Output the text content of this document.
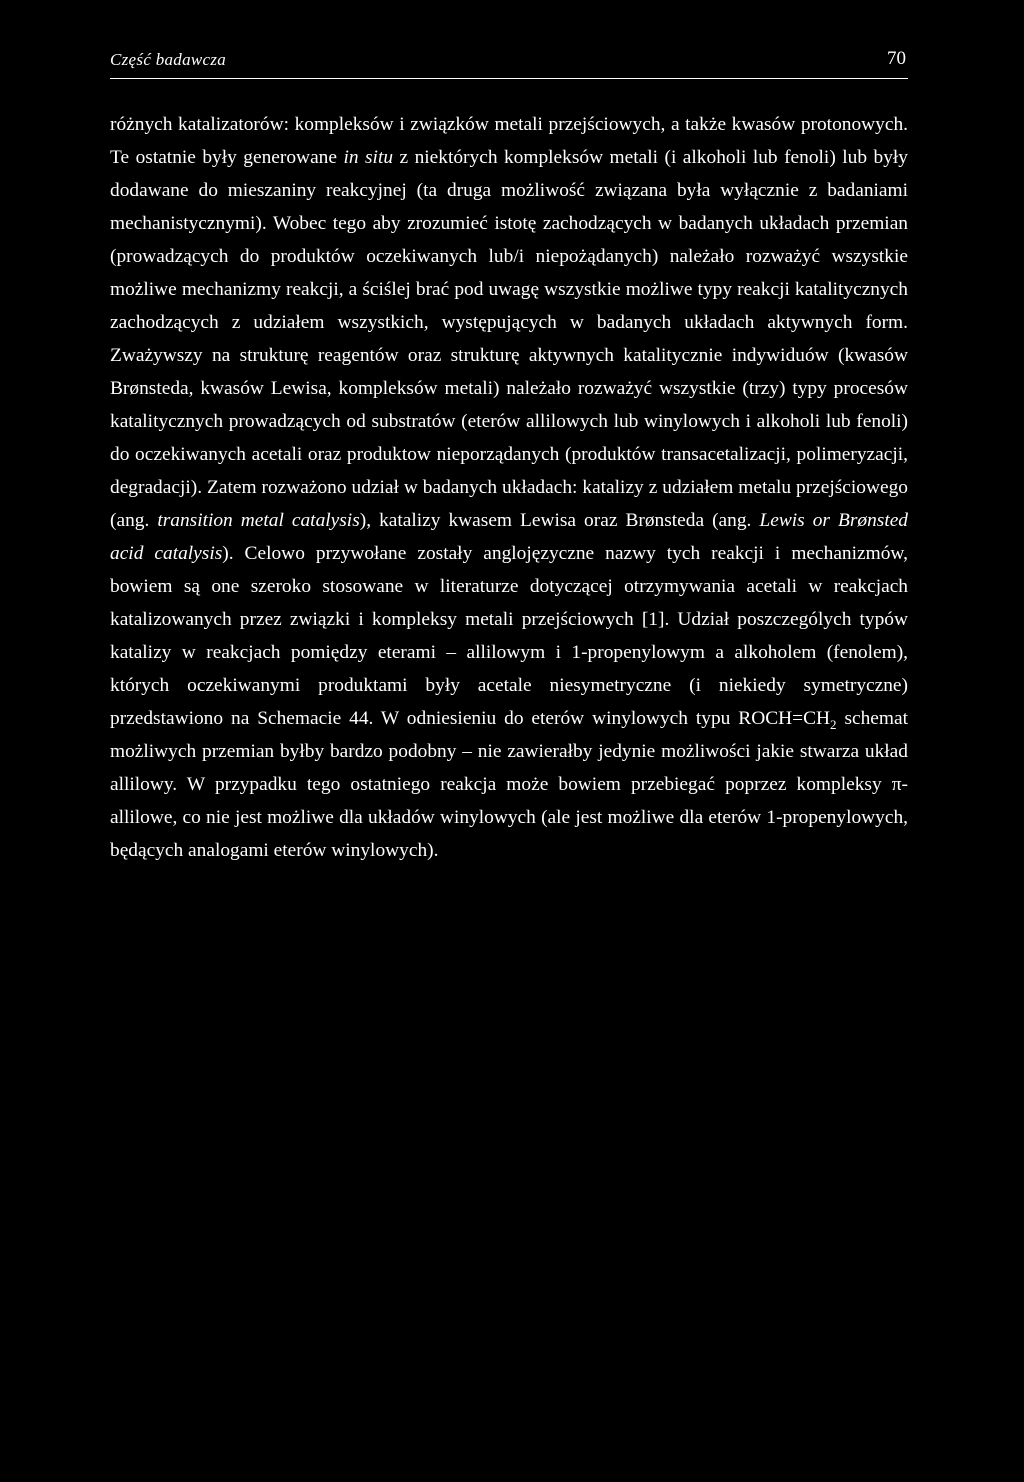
Część badawcza	70

różnych katalizatorów: kompleksów i związków metali przejściowych, a także kwasów protonowych. Te ostatnie były generowane in situ z niektórych kompleksów metali (i alkoholi lub fenoli) lub były dodawane do mieszaniny reakcyjnej (ta druga możliwość związana była wyłącznie z badaniami mechanistycznymi). Wobec tego aby zrozumieć istotę zachodzących w badanych układach przemian (prowadzących do produktów oczekiwanych lub/i niepożądanych) należało rozważyć wszystkie możliwe mechanizmy reakcji, a ściślej brać pod uwagę wszystkie możliwe typy reakcji katalitycznych zachodzących z udziałem wszystkich, występujących w badanych układach aktywnych form. Zważywszy na strukturę reagentów oraz strukturę aktywnych katalitycznie indywiduów (kwasów Brønsteda, kwasów Lewisa, kompleksów metali) należało rozważyć wszystkie (trzy) typy procesów katalitycznych prowadzących od substratów (eterów allilowych lub winylowych i alkoholi lub fenoli) do oczekiwanych acetali oraz produktow nieporządanych (produktów transacetalizacji, polimeryzacji, degradacji). Zatem rozważono udział w badanych układach: katalizy z udziałem metalu przejściowego (ang. transition metal catalysis), katalizy kwasem Lewisa oraz Brønsteda (ang. Lewis or Brønsted acid catalysis). Celowo przywołane zostały anglojęzyczne nazwy tych reakcji i mechanizmów, bowiem są one szeroko stosowane w literaturze dotyczącej otrzymywania acetali w reakcjach katalizowanych przez związki i kompleksy metali przejściowych [1]. Udział poszczególych typów katalizy w reakcjach pomiędzy eterami – allilowym i 1-propenylowym a alkoholem (fenolem), których oczekiwanymi produktami były acetale niesymetryczne (i niekiedy symetryczne) przedstawiono na Schemacie 44. W odniesieniu do eterów winylowych typu $ROCH=CH_2$ schemat możliwych przemian byłby bardzo podobny – nie zawierałby jedynie możliwości jakie stwarza układ allilowy. W przypadku tego ostatniego reakcja może bowiem przebiegać poprzez kompleksy π-allilowe, co nie jest możliwe dla układów winylowych (ale jest możliwe dla eterów 1-propenylowych, będących analogami eterów winylowych).
